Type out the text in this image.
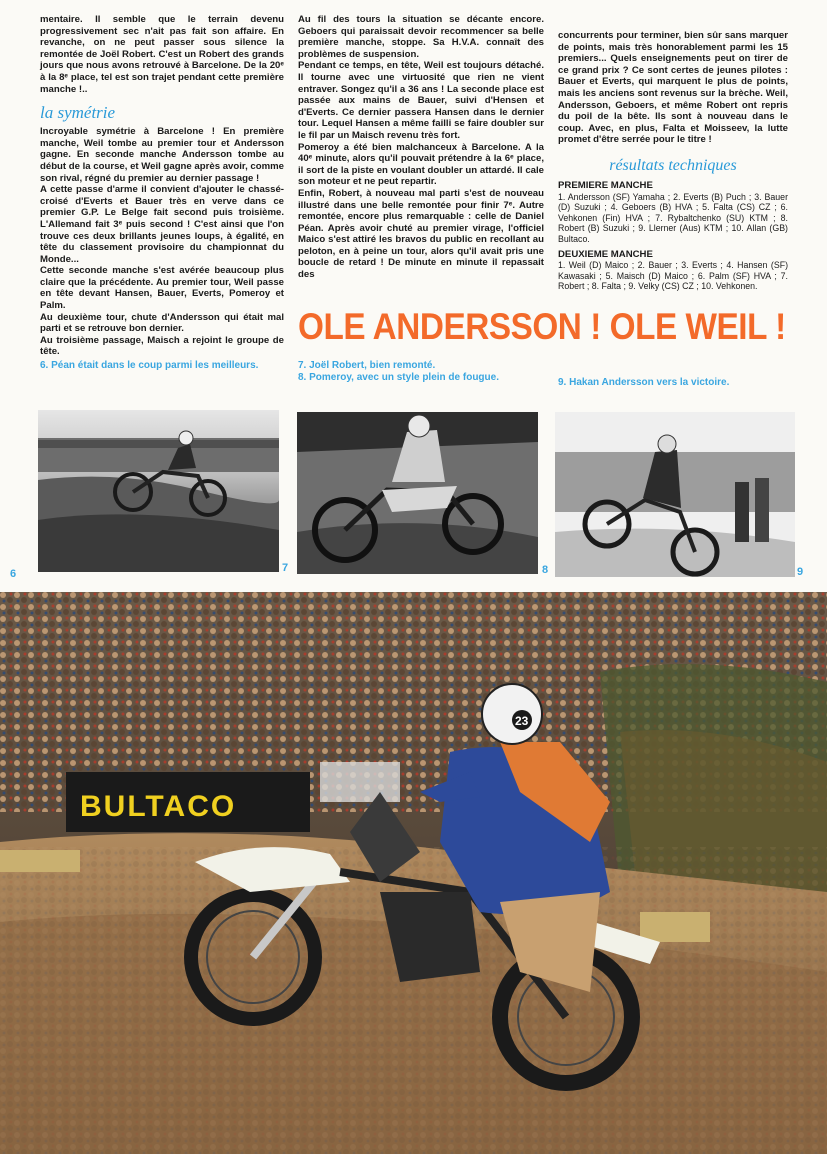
mentaire. Il semble que le terrain devenu progressivement sec n'ait pas fait son affaire. En revanche, on ne peut passer sous silence la remontée de Joël Robert. C'est un Robert des grands jours que nous avons retrouvé à Barcelone. De la 20ᵉ à la 8ᵉ place, tel est son trajet pendant cette première manche !..

la symétrie

Incroyable symétrie à Barcelone ! En première manche, Weil tombe au premier tour et Andersson gagne. En seconde manche Andersson tombe au début de la course, et Weil gagne après avoir, comme son rival, régné du premier au dernier passage !

A cette passe d'arme il convient d'ajouter le chassé-croisé d'Everts et Bauer très en verve dans ce premier G.P. Le Belge fait second puis troisième. L'Allemand fait 3ᵉ puis second ! C'est ainsi que l'on trouve ces deux brillants jeunes loups, à égalité, en tête du classement provisoire du championnat du Monde...

Cette seconde manche s'est avérée beaucoup plus claire que la précédente. Au premier tour, Weil passe en tête devant Hansen, Bauer, Everts, Pomeroy et Palm.

Au deuxième tour, chute d'Andersson qui était mal parti et se retrouve bon dernier.

Au troisième passage, Maisch a rejoint le groupe de tête.

Au fil des tours la situation se décante encore. Geboers qui paraissait devoir recommencer sa belle première manche, stoppe. Sa H.V.A. connaît des problèmes de suspension.

Pendant ce temps, en tête, Weil est toujours détaché. Il tourne avec une virtuosité que rien ne vient entraver. Songez qu'il a 36 ans ! La seconde place est passée aux mains de Bauer, suivi d'Hensen et d'Everts. Ce dernier passera Hansen dans le dernier tour. Lequel Hansen a même failli se faire doubler sur le fil par un Maisch revenu très fort.

Pomeroy a été bien malchanceux à Barcelone. A la 40ᵉ minute, alors qu'il pouvait prétendre à la 6ᵉ place, il sort de la piste en voulant doubler un attardé. Il cale son moteur et ne peut repartir.

Enfin, Robert, à nouveau mal parti s'est de nouveau illustré dans une belle remontée pour finir 7ᵉ. Autre remontée, encore plus remarquable : celle de Daniel Péan. Après avoir chuté au premier virage, l'officiel Maico s'est attiré les bravos du public en recollant au peloton, en à peine un tour, alors qu'il avait pris une boucle de retard ! De minute en minute il repassait des

concurrents pour terminer, bien sûr sans marquer de points, mais très honorablement parmi les 15 premiers... Quels enseignements peut on tirer de ce grand prix ? Ce sont certes de jeunes pilotes : Bauer et Everts, qui marquent le plus de points, mais les anciens sont revenus sur la brèche. Weil, Andersson, Geboers, et même Robert ont repris du poil de la bête. Ils sont à nouveau dans le coup. Avec, en plus, Falta et Moisseev, la lutte promet d'être serrée pour le titre !

résultats techniques
PREMIERE MANCHE
1. Andersson (SF) Yamaha ; 2. Everts (B) Puch ; 3. Bauer (D) Suzuki ; 4. Geboers (B) HVA ; 5. Falta (CS) CZ ; 6. Vehkonen (Fin) HVA ; 7. Rybaltchenko (SU) KTM ; 8. Robert (B) Suzuki ; 9. Llerner (Aus) KTM ; 10. Allan (GB) Bultaco.
DEUXIEME MANCHE
1. Weil (D) Maico ; 2. Bauer ; 3. Everts ; 4. Hansen (SF) Kawasaki ; 5. Maisch (D) Maico ; 6. Palm (SF) HVA ; 7. Robert ; 8. Falta ; 9. Velky (CS) CZ ; 10. Vehkonen.
OLE ANDERSSON ! OLE WEIL !
6. Péan était dans le coup parmi les meilleurs.	7. Joël Robert, bien remonté.
8. Pomeroy, avec un style plein de fougue.	9. Hakan Andersson vers la victoire.
6	7	8	9
BULTACO
23
